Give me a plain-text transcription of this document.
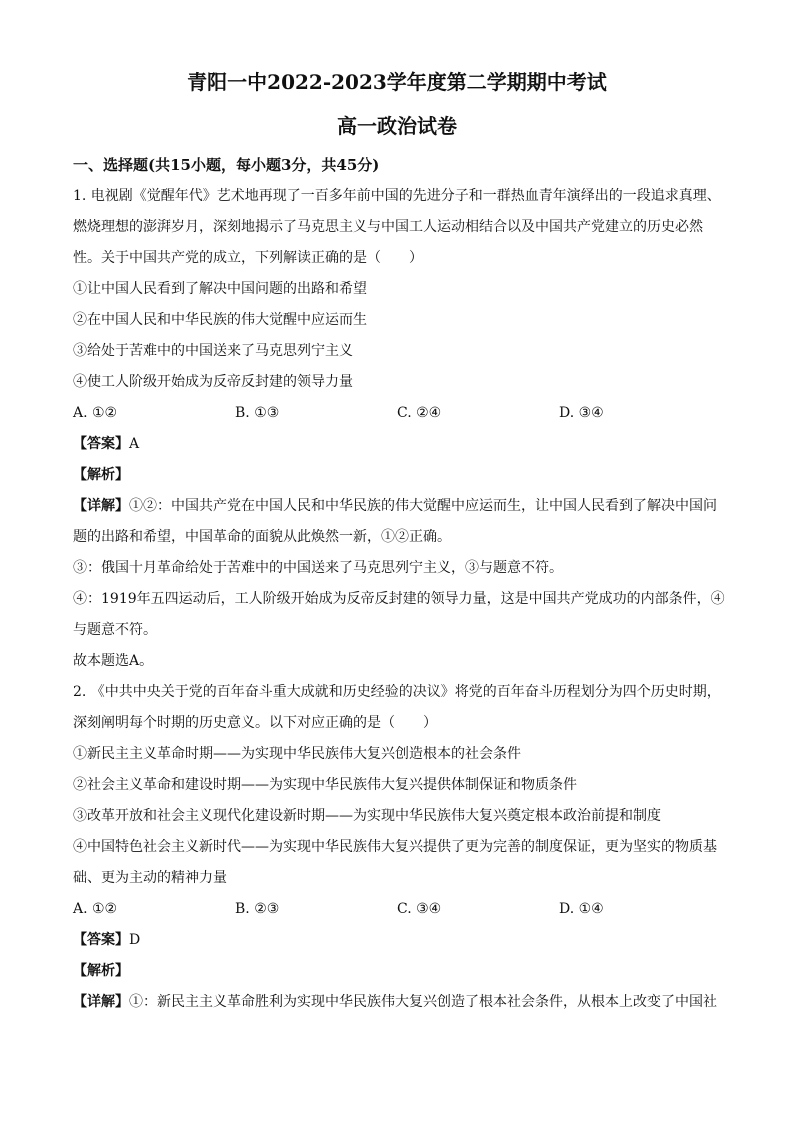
青阳一中2022-2023学年度第二学期期中考试
高一政治试卷

一、选择题(共15小题，每小题3分，共45分)

1. 电视剧《觉醒年代》艺术地再现了一百多年前中国的先进分子和一群热血青年演绎出的一段追求真理、

燃烧理想的澎湃岁月，深刻地揭示了马克思主义与中国工人运动相结合以及中国共产党建立的历史必然

性。关于中国共产党的成立，下列解读正确的是（　　）

①让中国人民看到了解决中国问题的出路和希望

②在中国人民和中华民族的伟大觉醒中应运而生

③给处于苦难中的中国送来了马克思列宁主义

④使工人阶级开始成为反帝反封建的领导力量

A. ①②	B. ①③	C. ②④	D. ③④

【答案】A

【解析】

【详解】①②：中国共产党在中国人民和中华民族的伟大觉醒中应运而生，让中国人民看到了解决中国问

题的出路和希望，中国革命的面貌从此焕然一新，①②正确。

③：俄国十月革命给处于苦难中的中国送来了马克思列宁主义，③与题意不符。

④：1919年五四运动后，工人阶级开始成为反帝反封建的领导力量，这是中国共产党成功的内部条件，④

与题意不符。

故本题选A。

2. 《中共中央关于党的百年奋斗重大成就和历史经验的决议》将党的百年奋斗历程划分为四个历史时期，

深刻阐明每个时期的历史意义。以下对应正确的是（　　）

①新民主主义革命时期——为实现中华民族伟大复兴创造根本的社会条件

②社会主义革命和建设时期——为实现中华民族伟大复兴提供体制保证和物质条件

③改革开放和社会主义现代化建设新时期——为实现中华民族伟大复兴奠定根本政治前提和制度

④中国特色社会主义新时代——为实现中华民族伟大复兴提供了更为完善的制度保证，更为坚实的物质基

础、更为主动的精神力量

A. ①②	B. ②③	C. ③④	D. ①④

【答案】D

【解析】

【详解】①：新民主主义革命胜利为实现中华民族伟大复兴创造了根本社会条件，从根本上改变了中国社
